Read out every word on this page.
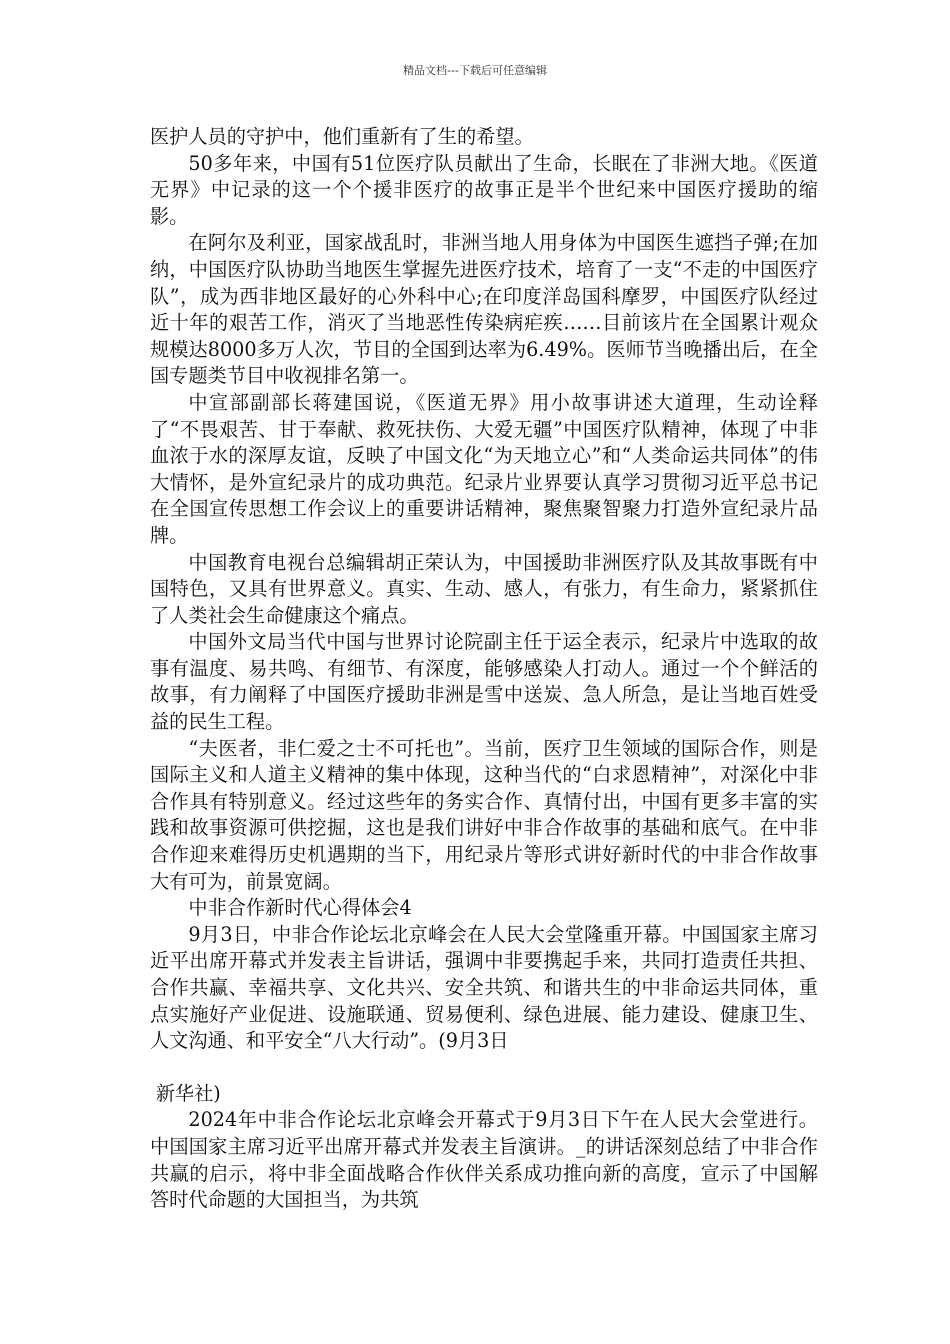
精品文档---下载后可任意编辑

医护人员的守护中，他们重新有了生的希望。

50多年来，中国有51位医疗队员献出了生命，长眠在了非洲大地。《医道无界》中记录的这一个个援非医疗的故事正是半个世纪来中国医疗援助的缩影。

在阿尔及利亚，国家战乱时，非洲当地人用身体为中国医生遮挡子弹;在加纳，中国医疗队协助当地医生掌握先进医疗技术，培育了一支“不走的中国医疗队”，成为西非地区最好的心外科中心;在印度洋岛国科摩罗，中国医疗队经过近十年的艰苦工作，消灭了当地恶性传染病疟疾……目前该片在全国累计观众规模达8000多万人次，节目的全国到达率为6.49%。医师节当晚播出后，在全国专题类节目中收视排名第一。

中宣部副部长蒋建国说，《医道无界》用小故事讲述大道理，生动诠释了“不畏艰苦、甘于奉献、救死扶伤、大爱无疆”中国医疗队精神，体现了中非血浓于水的深厚友谊，反映了中国文化“为天地立心”和“人类命运共同体”的伟大情怀，是外宣纪录片的成功典范。纪录片业界要认真学习贯彻习近平总书记在全国宣传思想工作会议上的重要讲话精神，聚焦聚智聚力打造外宣纪录片品牌。

中国教育电视台总编辑胡正荣认为，中国援助非洲医疗队及其故事既有中国特色，又具有世界意义。真实、生动、感人，有张力，有生命力，紧紧抓住了人类社会生命健康这个痛点。

中国外文局当代中国与世界讨论院副主任于运全表示，纪录片中选取的故事有温度、易共鸣、有细节、有深度，能够感染人打动人。通过一个个鲜活的故事，有力阐释了中国医疗援助非洲是雪中送炭、急人所急，是让当地百姓受益的民生工程。

“夫医者，非仁爱之士不可托也”。当前，医疗卫生领域的国际合作，则是国际主义和人道主义精神的集中体现，这种当代的“白求恩精神”，对深化中非合作具有特别意义。经过这些年的务实合作、真情付出，中国有更多丰富的实践和故事资源可供挖掘，这也是我们讲好中非合作故事的基础和底气。在中非合作迎来难得历史机遇期的当下，用纪录片等形式讲好新时代的中非合作故事大有可为，前景宽阔。

中非合作新时代心得体会4

9月3日，中非合作论坛北京峰会在人民大会堂隆重开幕。中国国家主席习近平出席开幕式并发表主旨讲话，强调中非要携起手来，共同打造责任共担、合作共赢、幸福共享、文化共兴、安全共筑、和谐共生的中非命运共同体，重点实施好产业促进、设施联通、贸易便利、绿色进展、能力建设、健康卫生、人文沟通、和平安全“八大行动”。(9月3日

新华社)

2024年中非合作论坛北京峰会开幕式于9月3日下午在人民大会堂进行。中国国家主席习近平出席开幕式并发表主旨演讲。_的讲话深刻总结了中非合作共赢的启示，将中非全面战略合作伙伴关系成功推向新的高度，宣示了中国解答时代命题的大国担当，为共筑
